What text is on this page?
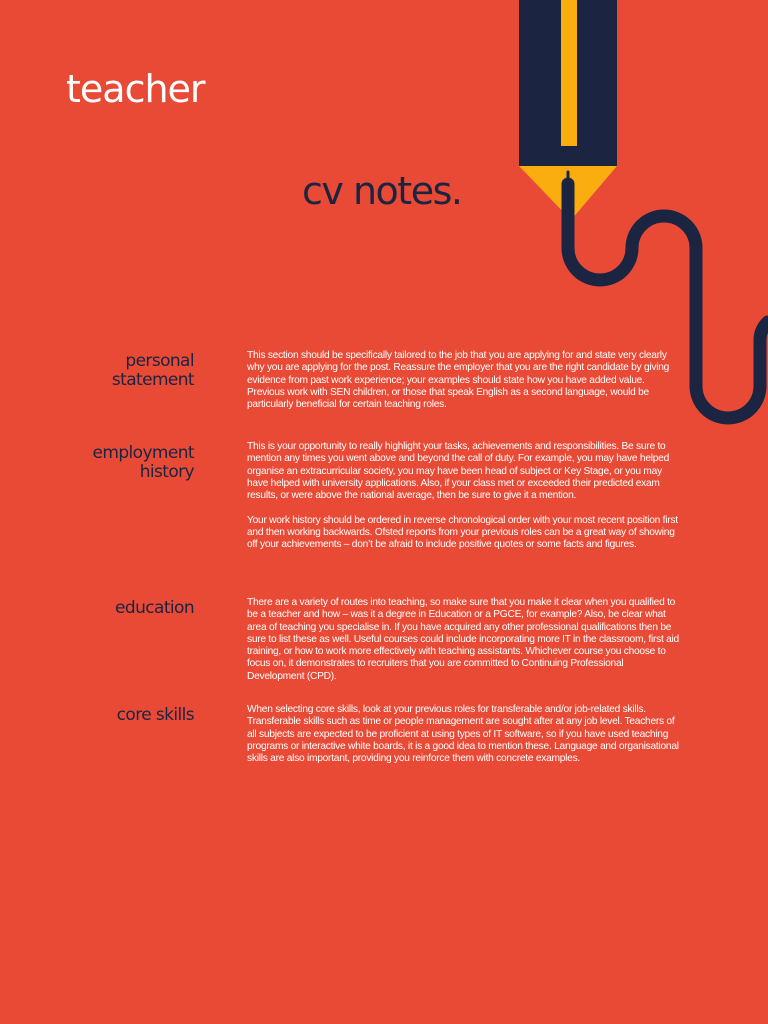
teacher
cv notes.
personal
statement

This section should be specifically tailored to the job that you are applying for and state very clearly why you are applying for the post. Reassure the employer that you are the right candidate by giving evidence from past work experience; your examples should state how you have added value. Previous work with SEN children, or those that speak English as a second language, would be particularly beneficial for certain teaching roles.

employment
history

This is your opportunity to really highlight your tasks, achievements and responsibilities. Be sure to mention any times you went above and beyond the call of duty. For example, you may have helped organise an extracurricular society, you may have been head of subject or Key Stage, or you may have helped with university applications. Also, if your class met or exceeded their predicted exam results, or were above the national average, then be sure to give it a mention.

Your work history should be ordered in reverse chronological order with your most recent position first and then working backwards. Ofsted reports from your previous roles can be a great way of showing off your achievements – don’t be afraid to include positive quotes or some facts and figures.

education	There are a variety of routes into teaching, so make sure that you make it clear when you qualified to be a teacher and how – was it a degree in Education or a PGCE, for example? Also, be clear what area of teaching you specialise in. If you have acquired any other professional qualifications then be sure to list these as well. Useful courses could include incorporating more IT in the classroom, first aid training, or how to work more effectively with teaching assistants. Whichever course you choose to focus on, it demonstrates to recruiters that you are committed to Continuing Professional Development (CPD).

core skills	When selecting core skills, look at your previous roles for transferable and/or job-related skills. Transferable skills such as time or people management are sought after at any job level. Teachers of all subjects are expected to be proficient at using types of IT software, so if you have used teaching programs or interactive white boards, it is a good idea to mention these. Language and organisational skills are also important, providing you reinforce them with concrete examples.
